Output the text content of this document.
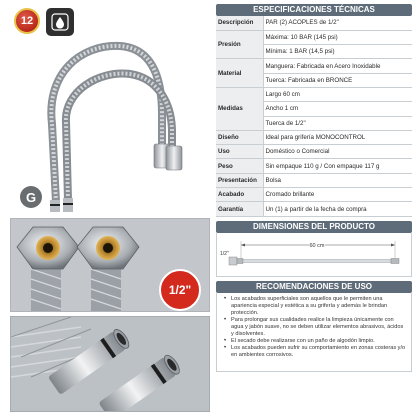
12
G
1/2"
ESPECIFICACIONES TÉCNICAS
Descripción	PAR (2) ACOPLES de 1/2"
Presión	Máxima: 10 BAR (145 psi)
	Mínima: 1 BAR (14,5 psi)
Material	Manguera: Fabricada en Acero Inoxidable
	Tuerca: Fabricada en BRONCE
Medidas	Largo 60 cm
	Ancho 1 cm
	Tuerca de 1/2"
Diseño	Ideal para grifería MONOCONTROL
Uso	Doméstico o Comercial
Peso	Sin empaque 110 g / Con empaque 117 g
Presentación	Bolsa
Acabado	Cromado brillante
Garantía	Un (1) a partir de la fecha de compra
DIMENSIONES DEL PRODUCTO
60 cm
1/2"
RECOMENDACIONES DE USO
• Los acabados superficiales son aquellos que le permiten una apariencia especial y estética a su grifería y además le brindan protección.
• Para prolongar sus cualidades realice la limpieza únicamente con agua y jabón suave, no se deben utilizar elementos abrasivos, ácidos y disolventes.
• El secado debe realizarse con un paño de algodón limpio.
• Los acabados pueden sufrir su comportamiento en zonas costeras y/o en ambientes corrosivos.
